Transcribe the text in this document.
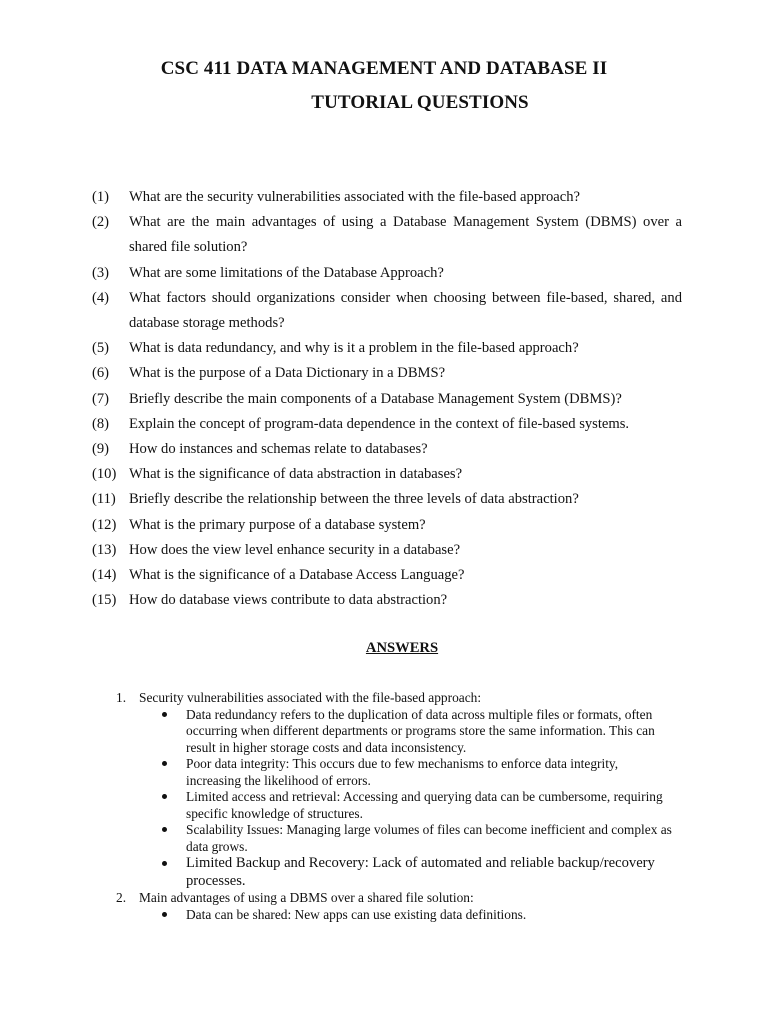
CSC 411 DATA MANAGEMENT AND DATABASE II
TUTORIAL QUESTIONS
(1)	What are the security vulnerabilities associated with the file-based approach?
(2)	What are the main advantages of using a Database Management System (DBMS) over a shared file solution?
(3)	What are some limitations of the Database Approach?
(4)	What factors should organizations consider when choosing between file-based, shared, and database storage methods?
(5)	What is data redundancy, and why is it a problem in the file-based approach?
(6)	What is the purpose of a Data Dictionary in a DBMS?
(7)	Briefly describe the main components of a Database Management System (DBMS)?
(8)	Explain the concept of program-data dependence in the context of file-based systems.
(9)	How do instances and schemas relate to databases?
(10) What is the significance of data abstraction in databases?
(11) Briefly describe the relationship between the three levels of data abstraction?
(12) What is the primary purpose of a database system?
(13) How does the view level enhance security in a database?
(14) What is the significance of a Database Access Language?
(15) How do database views contribute to data abstraction?
ANSWERS
1. Security vulnerabilities associated with the file-based approach:
Data redundancy refers to the duplication of data across multiple files or formats, often occurring when different departments or programs store the same information. This can result in higher storage costs and data inconsistency.
Poor data integrity: This occurs due to few mechanisms to enforce data integrity, increasing the likelihood of errors.
Limited access and retrieval: Accessing and querying data can be cumbersome, requiring specific knowledge of structures.
Scalability Issues: Managing large volumes of files can become inefficient and complex as data grows.
Limited Backup and Recovery: Lack of automated and reliable backup/recovery processes.
2. Main advantages of using a DBMS over a shared file solution:
Data can be shared: New apps can use existing data definitions.
